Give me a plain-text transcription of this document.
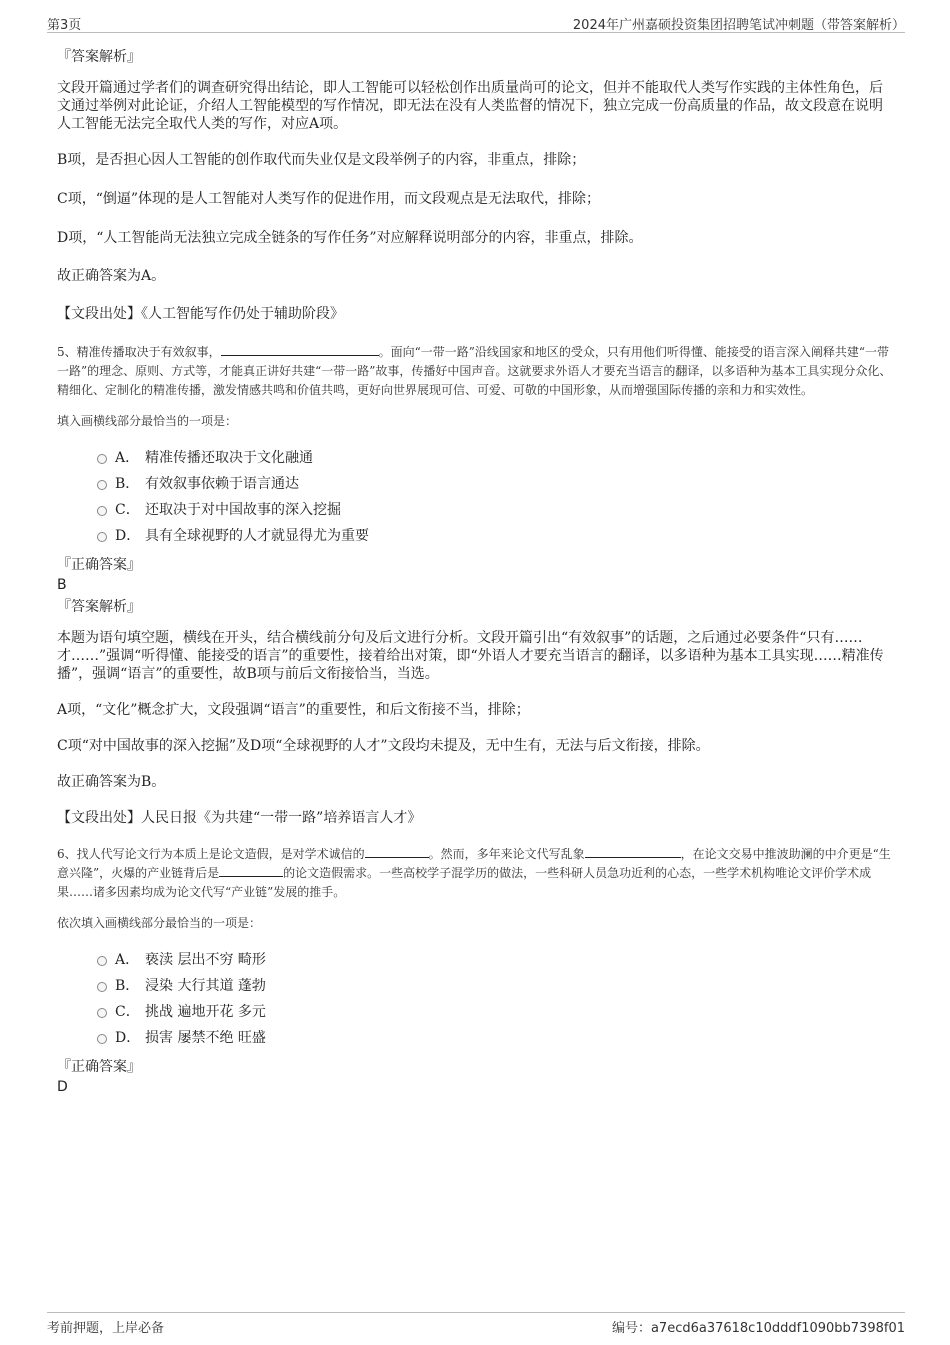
第3页	2024年广州嘉硕投资集团招聘笔试冲刺题（带答案解析）

『答案解析』

文段开篇通过学者们的调查研究得出结论，即人工智能可以轻松创作出质量尚可的论文，但并不能取代人类写作实践的主体性角色，后文通过举例对此论证，介绍人工智能模型的写作情况，即无法在没有人类监督的情况下，独立完成一份高质量的作品，故文段意在说明人工智能无法完全取代人类的写作，对应A项。

B项，是否担心因人工智能的创作取代而失业仅是文段举例子的内容，非重点，排除；

C项，“倒逼”体现的是人工智能对人类写作的促进作用，而文段观点是无法取代，排除；

D项，“人工智能尚无法独立完成全链条的写作任务”对应解释说明部分的内容，非重点，排除。

故正确答案为A。

【文段出处】《人工智能写作仍处于辅助阶段》

5、精准传播取决于有效叙事，	。面向“一带一路”沿线国家和地区的受众，只有用他们听得懂、能接受的语言深入阐释共建“一带一路”的理念、原则、方式等，才能真正讲好共建“一带一路”故事，传播好中国声音。这就要求外语人才要充当语言的翻译，以多语种为基本工具实现分众化、精细化、定制化的精准传播，激发情感共鸣和价值共鸣，更好向世界展现可信、可爱、可敬的中国形象，从而增强国际传播的亲和力和实效性。

填入画横线部分最恰当的一项是：

A． 精准传播还取决于文化融通
B． 有效叙事依赖于语言通达
C． 还取决于对中国故事的深入挖掘
D． 具有全球视野的人才就显得尤为重要

『正确答案』

B

『答案解析』

本题为语句填空题，横线在开头，结合横线前分句及后文进行分析。文段开篇引出“有效叙事”的话题，之后通过必要条件“只有……才……”强调“听得懂、能接受的语言”的重要性，接着给出对策，即“外语人才要充当语言的翻译，以多语种为基本工具实现……精准传播”，强调“语言”的重要性，故B项与前后文衔接恰当，当选。

A项，“文化”概念扩大，文段强调“语言”的重要性，和后文衔接不当，排除；

C项“对中国故事的深入挖掘”及D项“全球视野的人才”文段均未提及，无中生有，无法与后文衔接，排除。

故正确答案为B。

【文段出处】人民日报《为共建“一带一路”培养语言人才》

6、找人代写论文行为本质上是论文造假，是对学术诚信的	。然而，多年来论文代写乱象	，在论文交易中推波助澜的中介更是“生意兴隆”，火爆的产业链背后是	的论文造假需求。一些高校学子混学历的做法，一些科研人员急功近利的心态，一些学术机构唯论文评价学术成果……诸多因素均成为论文代写“产业链”发展的推手。

依次填入画横线部分最恰当的一项是：

A． 亵渎 层出不穷 畸形
B． 浸染 大行其道 蓬勃
C． 挑战 遍地开花 多元
D． 损害 屡禁不绝 旺盛

『正确答案』

D

考前押题，上岸必备	编号：a7ecd6a37618c10dddf1090bb7398f01
